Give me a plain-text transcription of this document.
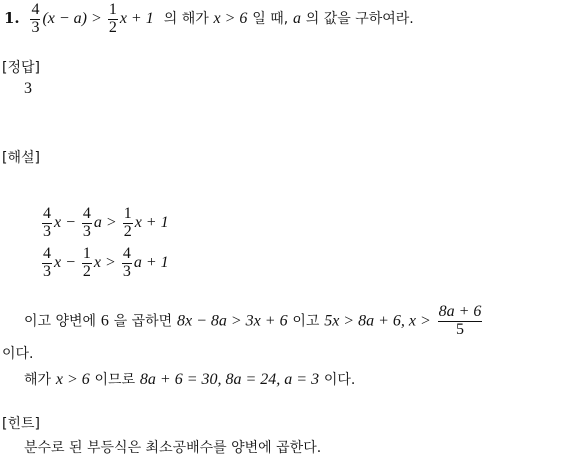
1. $\frac{4}{3} (x - a) > \frac{1}{2}$ x + 1 의 해가 x > 6 일 때, a 의 값을 구하여라.
[정답]
3
[해설]
$\frac{4}{3}$ $x - \frac{4}{3}$ $a > \frac{1}{2}$ x + 1
$\frac{4}{3}$ $x - \frac{1}{2}$ $x > \frac{4}{3}$ a + 1
이고 양변에 6 을 곱하면 8x − 8a > 3x + 6 이고 5x > 8a + 6, $x > \frac{8a + 6}{5}$
이다.
해가 x > 6 이므로 8a + 6 = 30, 8a = 24, a = 3 이다.
[힌트]
분수로 된 부등식은 최소공배수를 양변에 곱한다.
